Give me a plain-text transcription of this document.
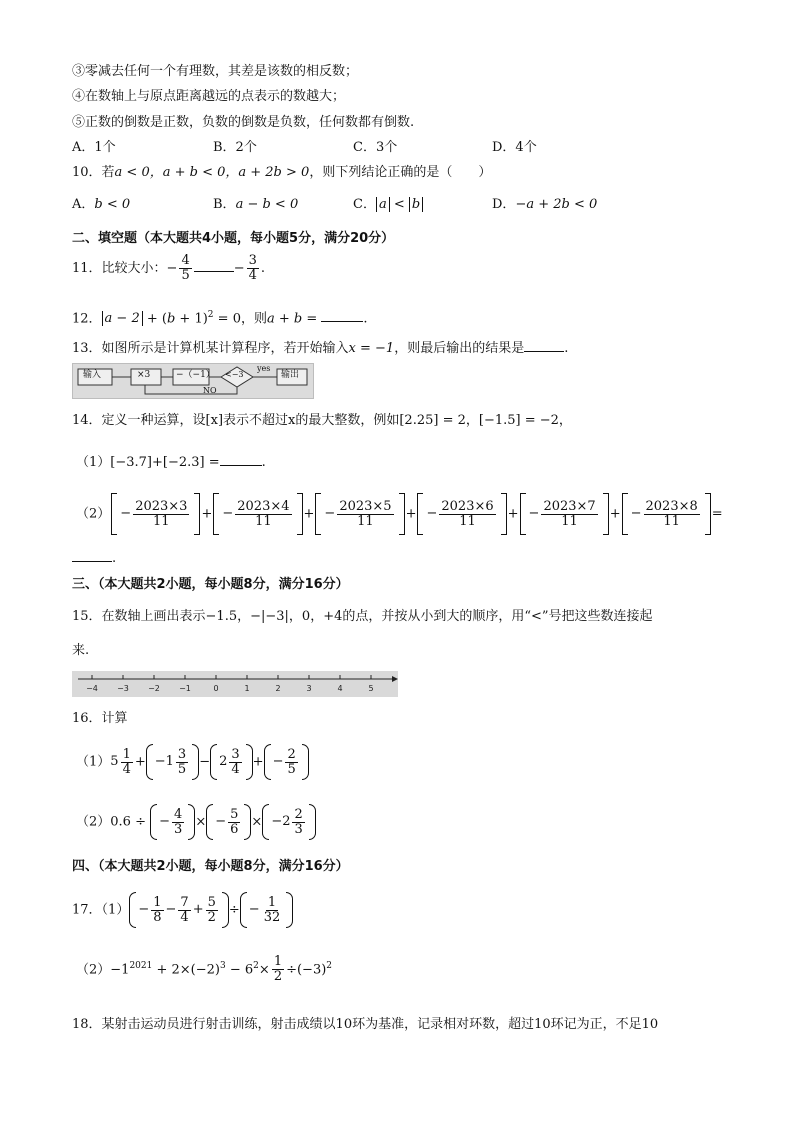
③零减去任何一个有理数，其差是该数的相反数；
④在数轴上与原点距离越远的点表示的数越大；
⑤正数的倒数是正数，负数的倒数是负数，任何数都有倒数.
A．1个	B．2个	C．3个	D．4个
10．若a < 0，a + b < 0，a + 2b > 0，则下列结论正确的是（　　）
A．b < 0	B．a − b < 0	C． a < b	D．−a + 2b < 0
二、填空题（本大题共4小题，每小题5分，满分20分）
11．比较大小：− $\frac{4}{5}$	− $\frac{3}{4}$ .
12． $a - 2 + (b + 1)^2 = 0$，则a + b =	.
13．如图所示是计算机某计算程序，若开始输入x = −1，则最后输出的结果是	.
输入	×3	−（−1） <−3
yes
NO
输出
14．定义一种运算，设[x]表示不超过x的最大整数，例如[2.25] = 2，[−1.5] = −2，
（1）[−3.7]+[−2.3] =	.
$(2) - \frac{2023\times 3}{11}$ + − $\frac{2023\times 4}{11}$ + − $\frac{2023\times 5}{11}$ + − $\frac{2023\times 6}{11}$ + − $\frac{2023\times 7}{11}$ + − $\frac{2023\times 8}{11}$ =
.
三、（本大题共2小题，每小题8分，满分16分）
15．在数轴上画出表示−1.5，−|−3|，0，+4的点，并按从小到大的顺序，用“<”号把这些数连接起
来.
−4 −3 −2 −1	0	1	2	3	4	5
16．计算
$(1)5 \frac{1}{4} + -1 \frac{3}{5} - 2 \frac{3}{4}$ + − $\frac{2}{5}$
（2）0.6 ÷ − $\frac{4}{3}$ × − $\frac{5}{6} \times -2 \frac{2}{3}$
四、（本大题共2小题，每小题8分，满分16分）
17．$(1) - \frac{1}{8} - \frac{7}{4} + \frac{5}{2}$ ÷ − $\frac{1}{32}$
$(2)-1^{2021} + 2\times(-2)^3 - 6^2\times \frac{1}{2} \div(-3)^2$
18．某射击运动员进行射击训练，射击成绩以10环为基准，记录相对环数，超过10环记为正，不足10
